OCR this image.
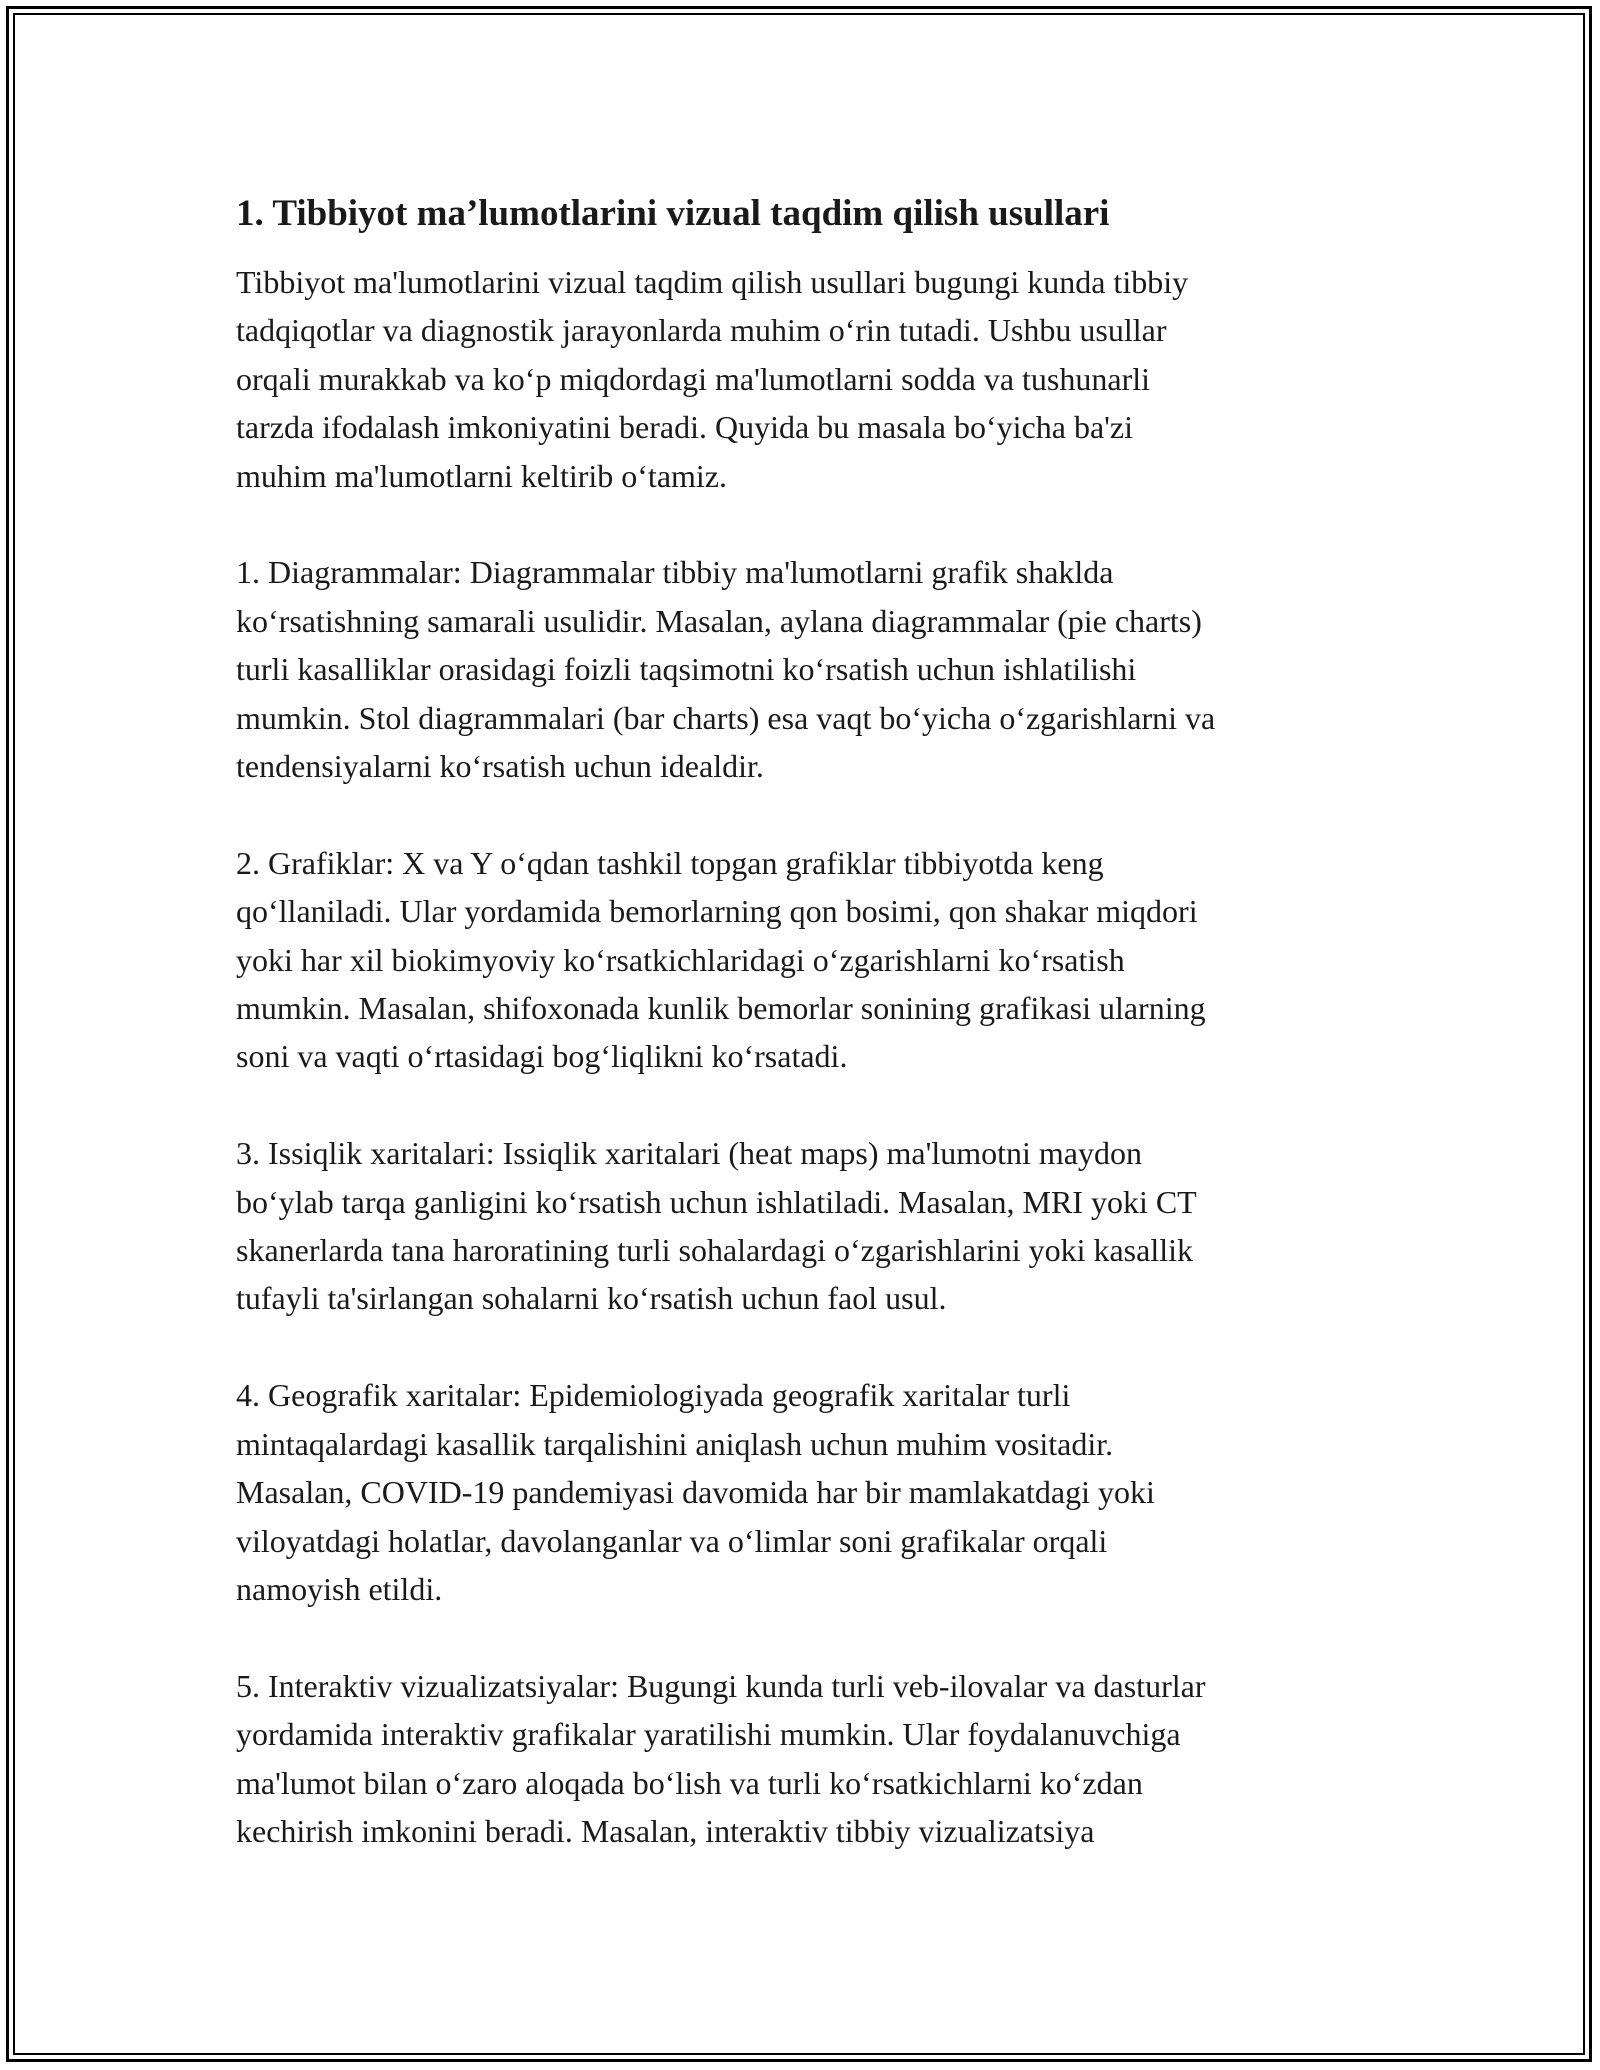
1. Tibbiyot ma’lumotlarini vizual taqdim qilish usullari

Tibbiyot ma'lumotlarini vizual taqdim qilish usullari bugungi kunda tibbiy
tadqiqotlar va diagnostik jarayonlarda muhim oʻrin tutadi. Ushbu usullar
orqali murakkab va koʻp miqdordagi ma'lumotlarni sodda va tushunarli
tarzda ifodalash imkoniyatini beradi. Quyida bu masala boʻyicha ba'zi
muhim ma'lumotlarni keltirib oʻtamiz.

1. Diagrammalar: Diagrammalar tibbiy ma'lumotlarni grafik shaklda
koʻrsatishning samarali usulidir. Masalan, aylana diagrammalar (pie charts)
turli kasalliklar orasidagi foizli taqsimotni koʻrsatish uchun ishlatilishi
mumkin. Stol diagrammalari (bar charts) esa vaqt boʻyicha oʻzgarishlarni va
tendensiyalarni koʻrsatish uchun idealdir.

2. Grafiklar: X va Y oʻqdan tashkil topgan grafiklar tibbiyotda keng
qoʻllaniladi. Ular yordamida bemorlarning qon bosimi, qon shakar miqdori
yoki har xil biokimyoviy koʻrsatkichlaridagi oʻzgarishlarni koʻrsatish
mumkin. Masalan, shifoxonada kunlik bemorlar sonining grafikasi ularning
soni va vaqti oʻrtasidagi bogʻliqlikni koʻrsatadi.

3. Issiqlik xaritalari: Issiqlik xaritalari (heat maps) ma'lumotni maydon
boʻylab tarqa ganligini koʻrsatish uchun ishlatiladi. Masalan, MRI yoki CT
skanerlarda tana haroratining turli sohalardagi oʻzgarishlarini yoki kasallik
tufayli ta'sirlangan sohalarni koʻrsatish uchun faol usul.

4. Geografik xaritalar: Epidemiologiyada geografik xaritalar turli
mintaqalardagi kasallik tarqalishini aniqlash uchun muhim vositadir.
Masalan, COVID-19 pandemiyasi davomida har bir mamlakatdagi yoki
viloyatdagi holatlar, davolanganlar va oʻlimlar soni grafikalar orqali
namoyish etildi.

5. Interaktiv vizualizatsiyalar: Bugungi kunda turli veb-ilovalar va dasturlar
yordamida interaktiv grafikalar yaratilishi mumkin. Ular foydalanuvchiga
ma'lumot bilan oʻzaro aloqada boʻlish va turli koʻrsatkichlarni koʻzdan
kechirish imkonini beradi. Masalan, interaktiv tibbiy vizualizatsiya
